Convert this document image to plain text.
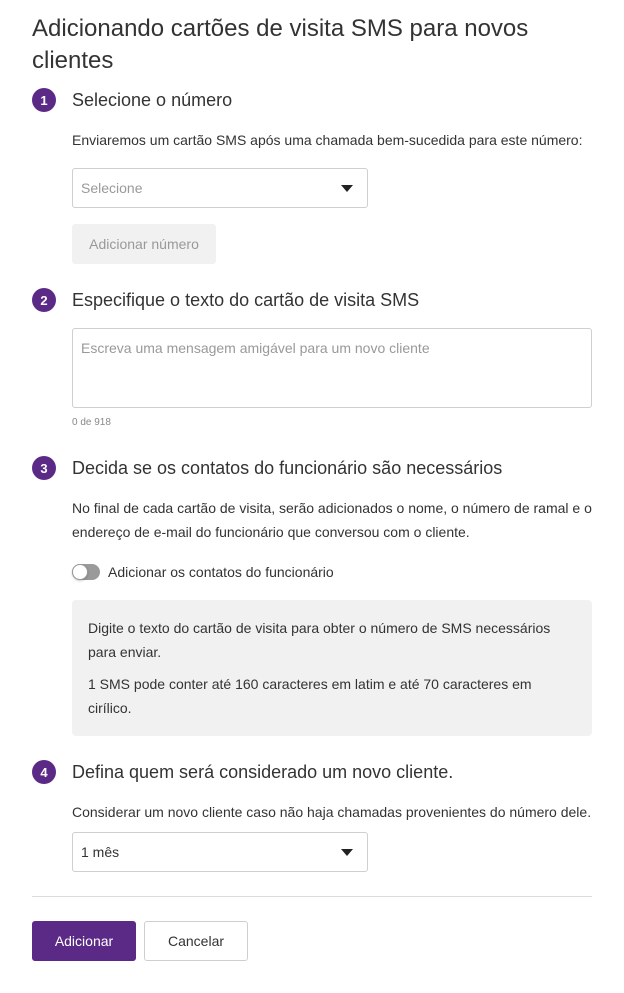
Adicionando cartões de visita SMS para novos clientes
1	Selecione o número
Enviaremos um cartão SMS após uma chamada bem-sucedida para este número:
Selecione
Adicionar número
2	Especifique o texto do cartão de visita SMS
Escreva uma mensagem amigável para um novo cliente
0 de 918
3	Decida se os contatos do funcionário são necessários
No final de cada cartão de visita, serão adicionados o nome, o número de ramal e o endereço de e-mail do funcionário que conversou com o cliente.
Adicionar os contatos do funcionário

Digite o texto do cartão de visita para obter o número de SMS necessários para enviar.

1 SMS pode conter até 160 caracteres em latim e até 70 caracteres em cirílico.

4	Defina quem será considerado um novo cliente.
Considerar um novo cliente caso não haja chamadas provenientes do número dele.
1 mês
Adicionar	Cancelar
